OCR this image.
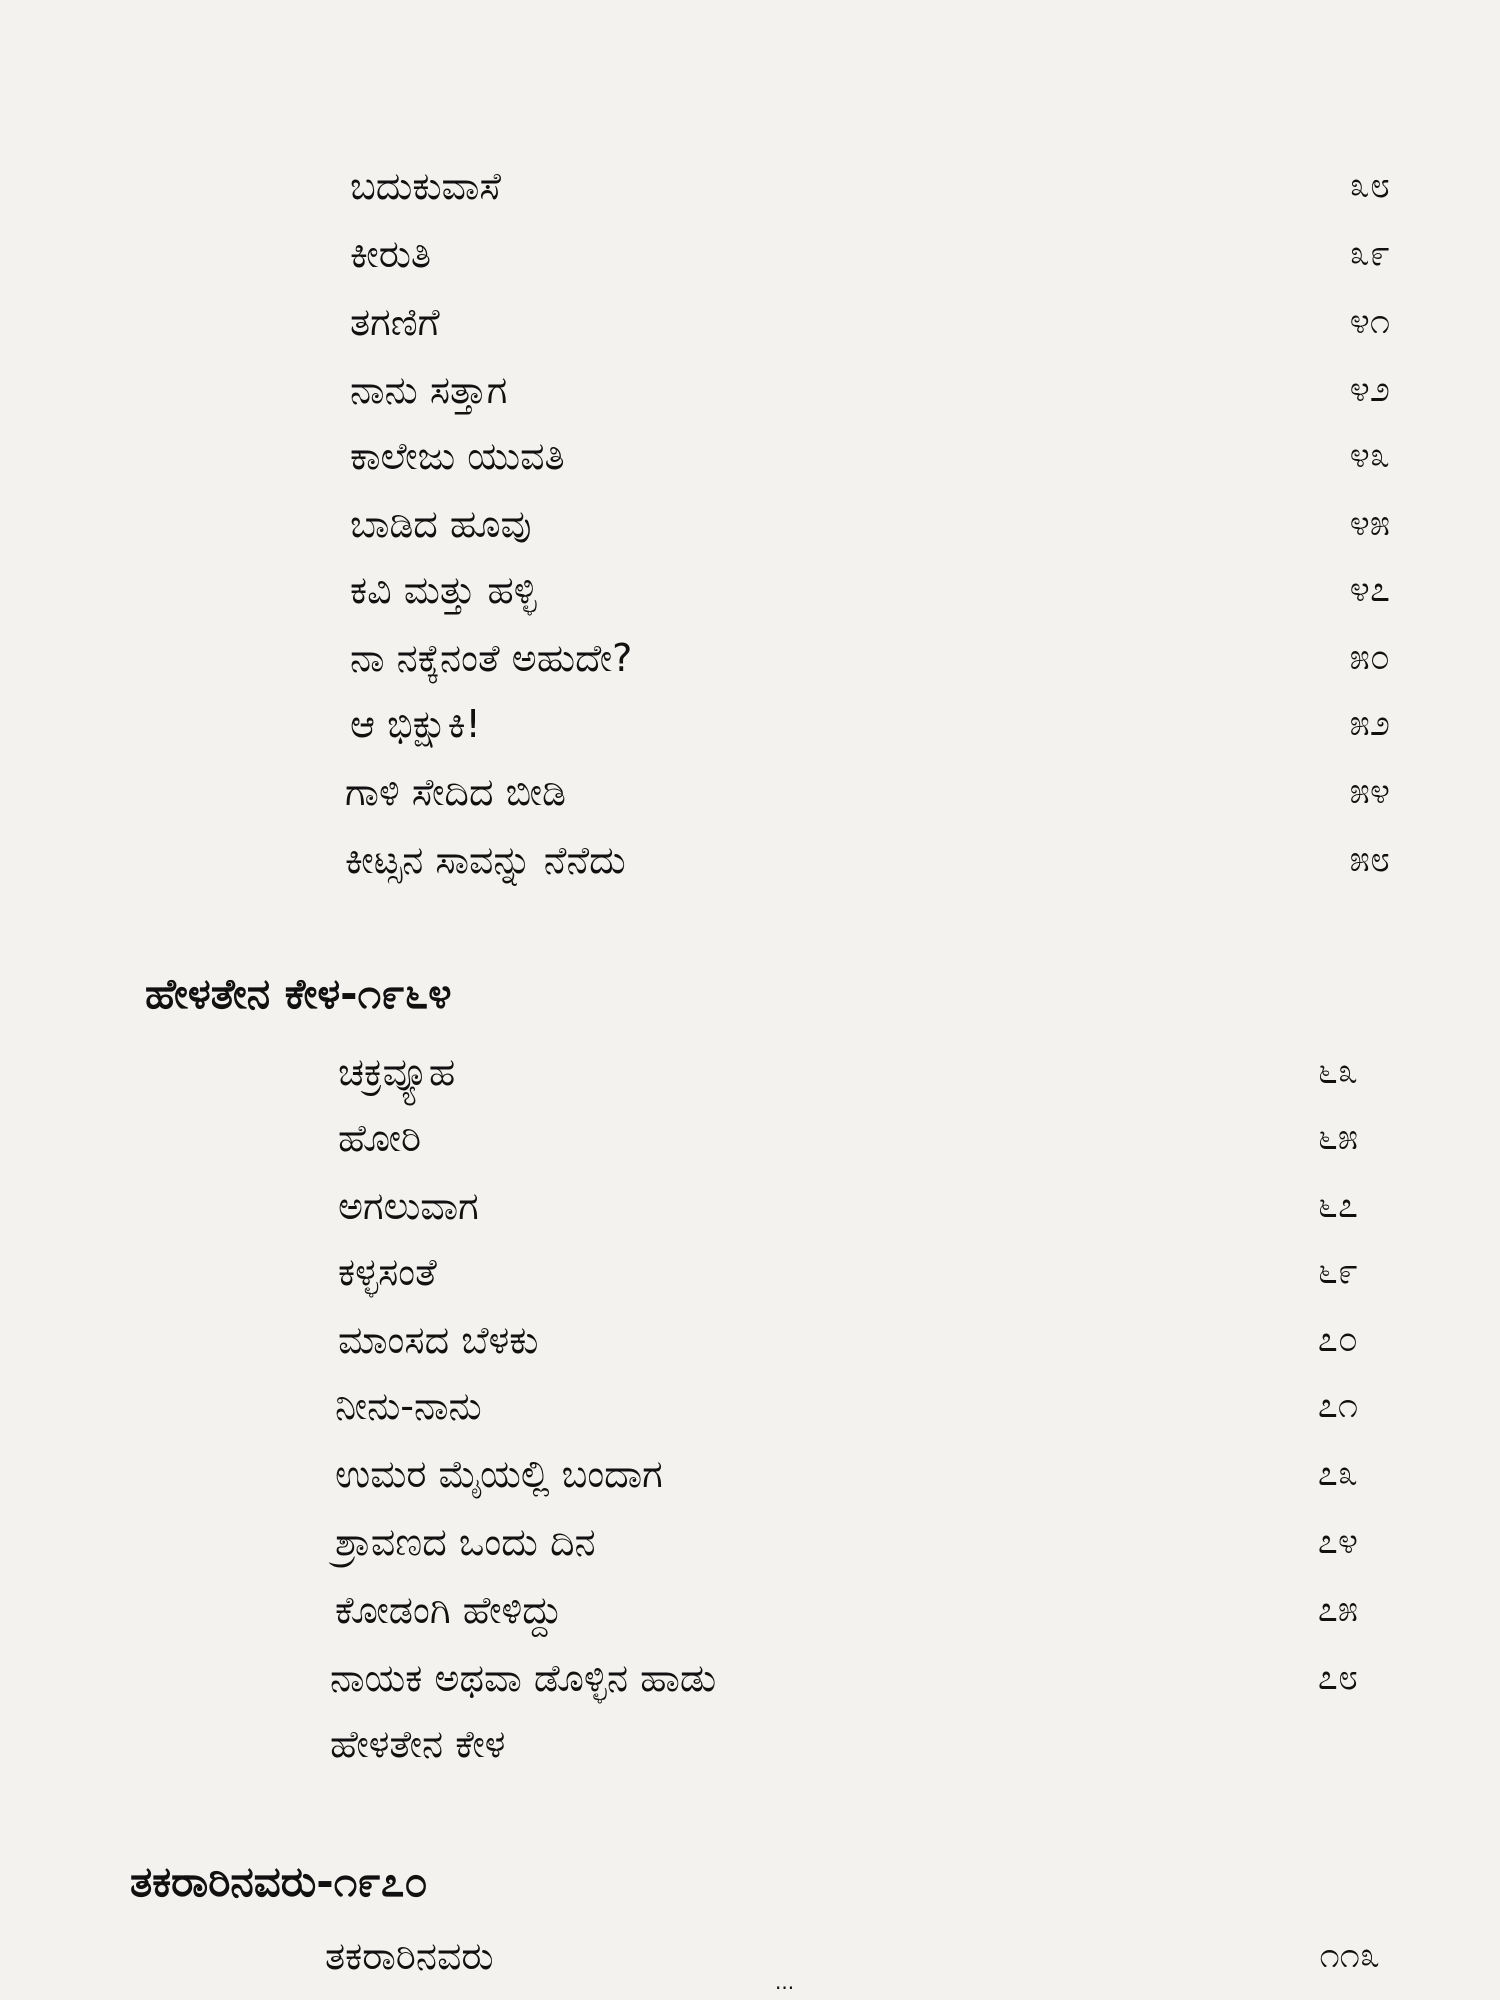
ಬದುಕುವಾಸೆ	೩೮
ಕೀರುತಿ	೩೯
ತಗಣಿಗೆ	೪೧
ನಾನು ಸತ್ತಾಗ	೪೨
ಕಾಲೇಜು ಯುವತಿ	೪೩
ಬಾಡಿದ ಹೂವು	೪೫
ಕವಿ ಮತ್ತು ಹಳ್ಳಿ	೪೭
ನಾ ನಕ್ಕೆನಂತೆ ಅಹುದೇ?	೫೦
ಆ ಭಿಕ್ಷುಕಿ!	೫೨
ಗಾಳಿ ಸೇದಿದ ಬೀಡಿ	೫೪
ಕೀಟ್ಸನ ಸಾವನ್ನು ನೆನೆದು	೫೮
ಹೇಳತೇನ ಕೇಳ-೧೯೬೪
ಚಕ್ರವ್ಯೂಹ	೬೩
ಹೋರಿ	೬೫
ಅಗಲುವಾಗ	೬೭
ಕಳ್ಳಸಂತೆ	೬೯
ಮಾಂಸದ ಬೆಳಕು	೭೦
ನೀನು-ನಾನು	೭೧
ಉಮರ ಮೈಯಲ್ಲಿ ಬಂದಾಗ	೭೩
ಶ್ರಾವಣದ ಒಂದು ದಿನ	೭೪
ಕೋಡಂಗಿ ಹೇಳಿದ್ದು	೭೫
ನಾಯಕ ಅಥವಾ ಡೊಳ್ಳಿನ ಹಾಡು	೭೮
ಹೇಳತೇನ ಕೇಳ
ತಕರಾರಿನವರು-೧೯೭೦
ತಕರಾರಿನವರು	೧೧೩
...
